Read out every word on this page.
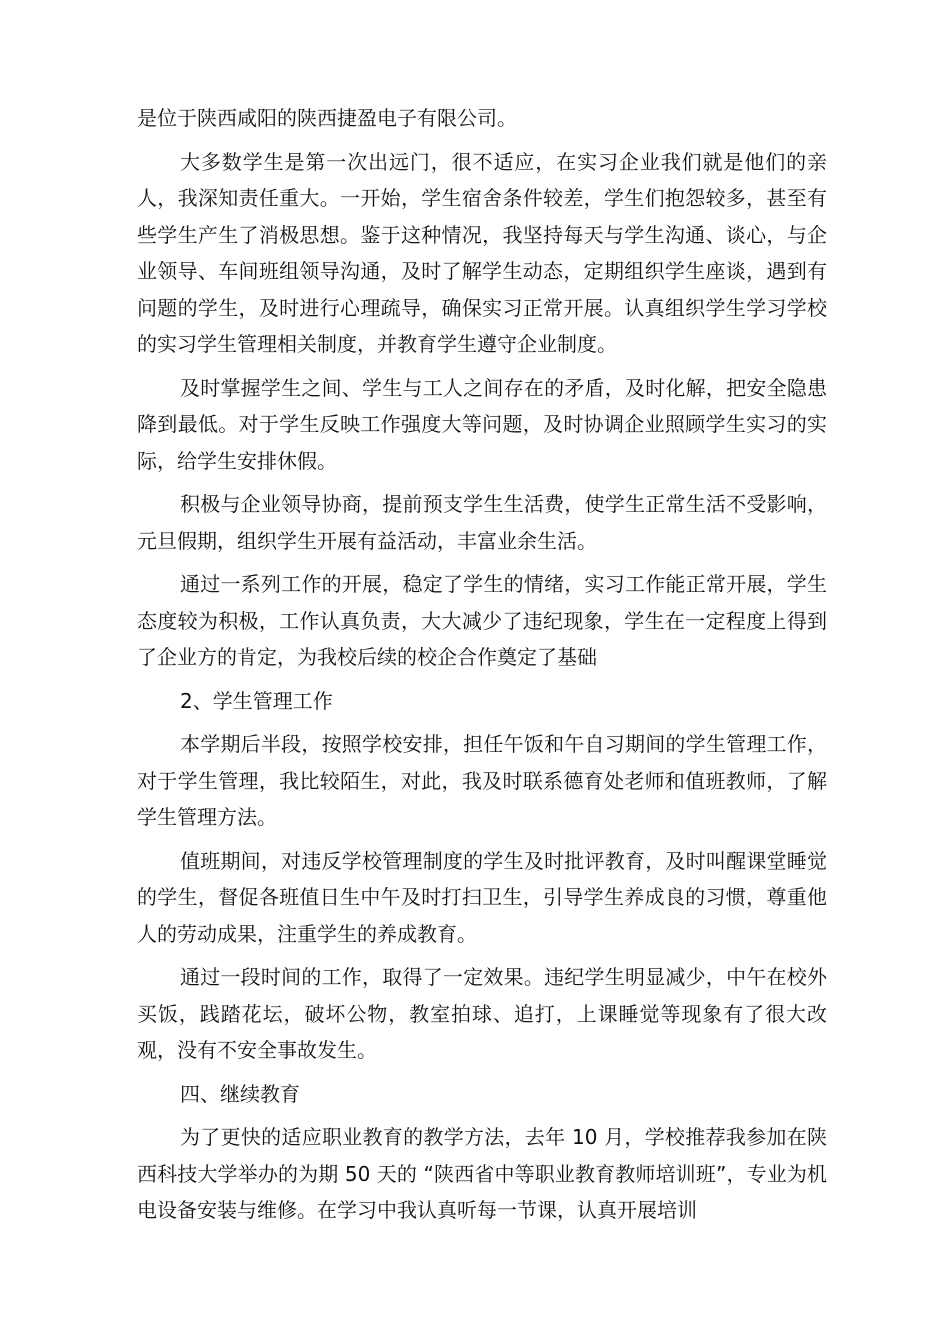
是位于陕西咸阳的陕西捷盈电子有限公司。

大多数学生是第一次出远门，很不适应，在实习企业我们就是他们的亲人，我深知责任重大。一开始，学生宿舍条件较差，学生们抱怨较多，甚至有些学生产生了消极思想。鉴于这种情况，我坚持每天与学生沟通、谈心，与企业领导、车间班组领导沟通，及时了解学生动态，定期组织学生座谈，遇到有问题的学生，及时进行心理疏导，确保实习正常开展。认真组织学生学习学校的实习学生管理相关制度，并教育学生遵守企业制度。

及时掌握学生之间、学生与工人之间存在的矛盾，及时化解，把安全隐患降到最低。对于学生反映工作强度大等问题，及时协调企业照顾学生实习的实际，给学生安排休假。

积极与企业领导协商，提前预支学生生活费，使学生正常生活不受影响，元旦假期，组织学生开展有益活动，丰富业余生活。

通过一系列工作的开展，稳定了学生的情绪，实习工作能正常开展，学生态度较为积极，工作认真负责，大大减少了违纪现象，学生在一定程度上得到了企业方的肯定，为我校后续的校企合作奠定了基础

2、学生管理工作

本学期后半段，按照学校安排，担任午饭和午自习期间的学生管理工作，对于学生管理，我比较陌生，对此，我及时联系德育处老师和值班教师，了解学生管理方法。

值班期间，对违反学校管理制度的学生及时批评教育，及时叫醒课堂睡觉的学生，督促各班值日生中午及时打扫卫生，引导学生养成良的习惯，尊重他人的劳动成果，注重学生的养成教育。

通过一段时间的工作，取得了一定效果。违纪学生明显减少，中午在校外买饭，践踏花坛，破坏公物，教室拍球、追打，上课睡觉等现象有了很大改观，没有不安全事故发生。

四、继续教育

为了更快的适应职业教育的教学方法，去年 10 月，学校推荐我参加在陕西科技大学举办的为期 50 天的 “陕西省中等职业教育教师培训班”，专业为机电设备安装与维修。在学习中我认真听每一节课，认真开展培训
